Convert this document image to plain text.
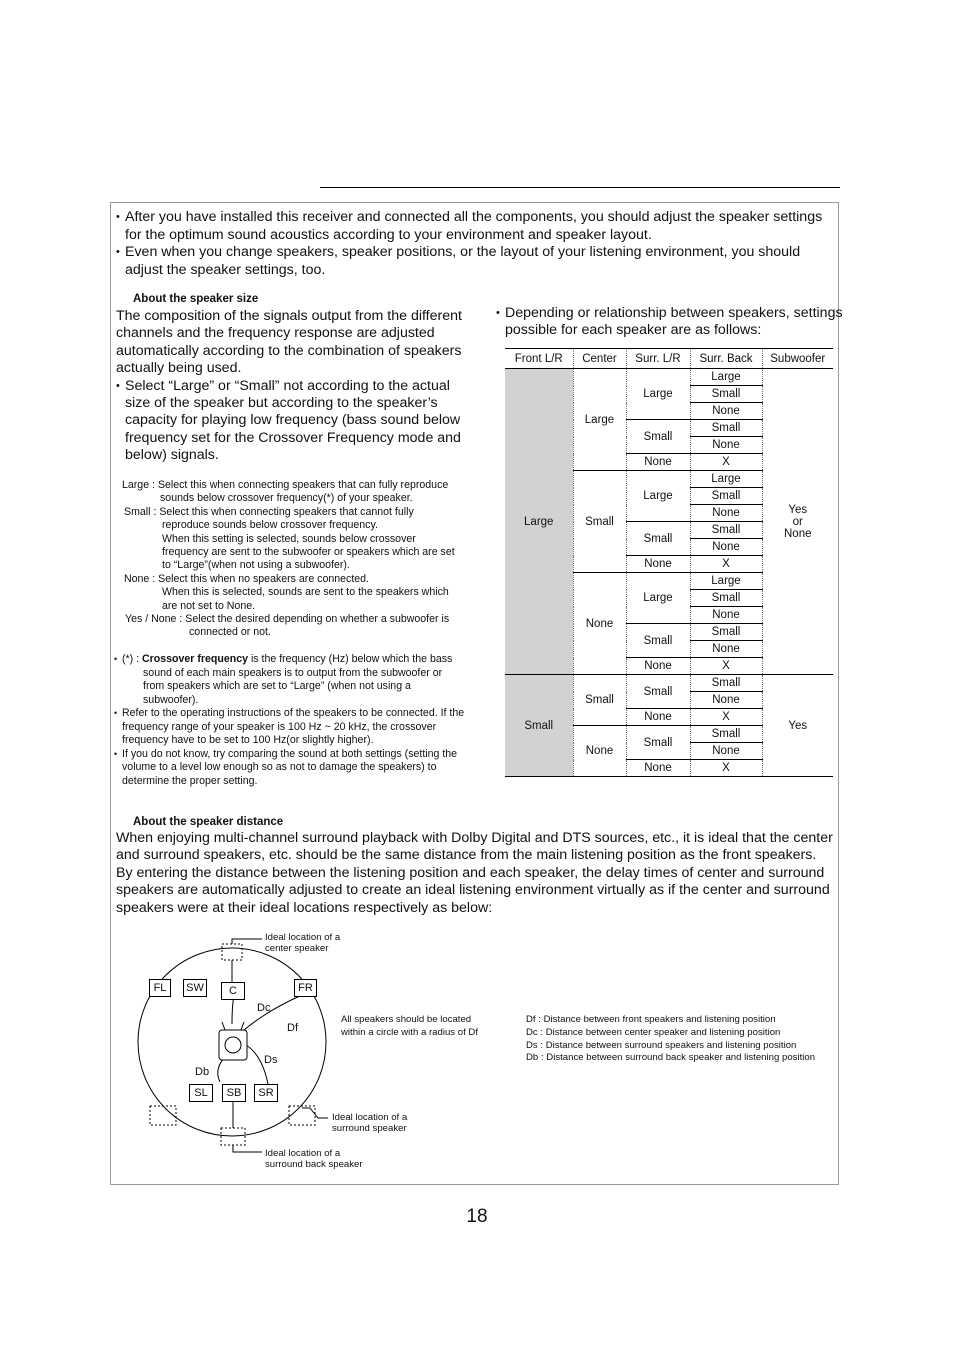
• After you have installed this receiver and connected all the components, you should adjust the speaker settings for the optimum sound acoustics according to your environment and speaker layout.
• Even when you change speakers, speaker positions, or the layout of your listening environment, you should adjust the speaker settings, too.
About the speaker size
The composition of the signals output from the different channels and the frequency response are adjusted automatically according to the combination of speakers actually being used.
• Select “Large” or “Small” not according to the actual size of the speaker but according to the speaker’s capacity for playing low frequency (bass sound below frequency set for the Crossover Frequency mode and below) signals.
Large : Select this when connecting speakers that can fully reproduce
sounds below crossover frequency(*) of your speaker.
Small : Select this when connecting speakers that cannot fully
reproduce sounds below crossover frequency.
When this setting is selected, sounds below crossover
frequency are sent to the subwoofer or speakers which are set
to “Large”(when not using a subwoofer).
None : Select this when no speakers are connected.
When this is selected, sounds are sent to the speakers which
are not set to None.
Yes / None : Select the desired depending on whether a subwoofer is
connected or not.
• (*) : Crossover frequency is the frequency (Hz) below which the bass
sound of each main speakers is to output from the subwoofer or
from speakers which are set to “Large” (when not using a
subwoofer).
• Refer to the operating instructions of the speakers to be connected. If the frequency range of your speaker is 100 Hz ~ 20 kHz, the crossover frequency have to be set to 100 Hz(or slightly higher).
• If you do not know, try comparing the sound at both settings (setting the volume to a level low enough so as not to damage the speakers) to determine the proper setting.
• Depending or relationship between speakers, settings possible for each speaker are as follows:
Front L/R	Center	Surr. L/R	Surr. Back	Subwoofer
Large	Large	Large	Large	Yes
or
None
			Small	
			None	
		Small	Small	
			None	
		None	X	
	Small	Large	Large	
			Small	
			None	
		Small	Small	
			None	
		None	X	
	None	Large	Large	
			Small	
			None	
		Small	Small	
			None	
		None	X	
Small	Small	Small	Small	Yes
			None	
		None	X	
	None	Small	Small	
			None	
		None	X	
About the speaker distance
When enjoying multi-channel surround playback with Dolby Digital and DTS sources, etc., it is ideal that the center and surround speakers, etc. should be the same distance from the main listening position as the front speakers. By entering the distance between the listening position and each speaker, the delay times of center and surround speakers are automatically adjusted to create an ideal listening environment virtually as if the center and surround speakers were at their ideal locations respectively as below:
FL	SW	C	FR
SL	SB	SR
Dc
Df
Ds
Db
Ideal location of a
center speaker
Ideal location of a
surround speaker
Ideal location of a
surround back speaker
All speakers should be located
within a circle with a radius of Df
Df : Distance between front speakers and listening position
Dc : Distance between center speaker and listening position
Ds : Distance between surround speakers and listening position
Db : Distance between surround back speaker and listening position
18
